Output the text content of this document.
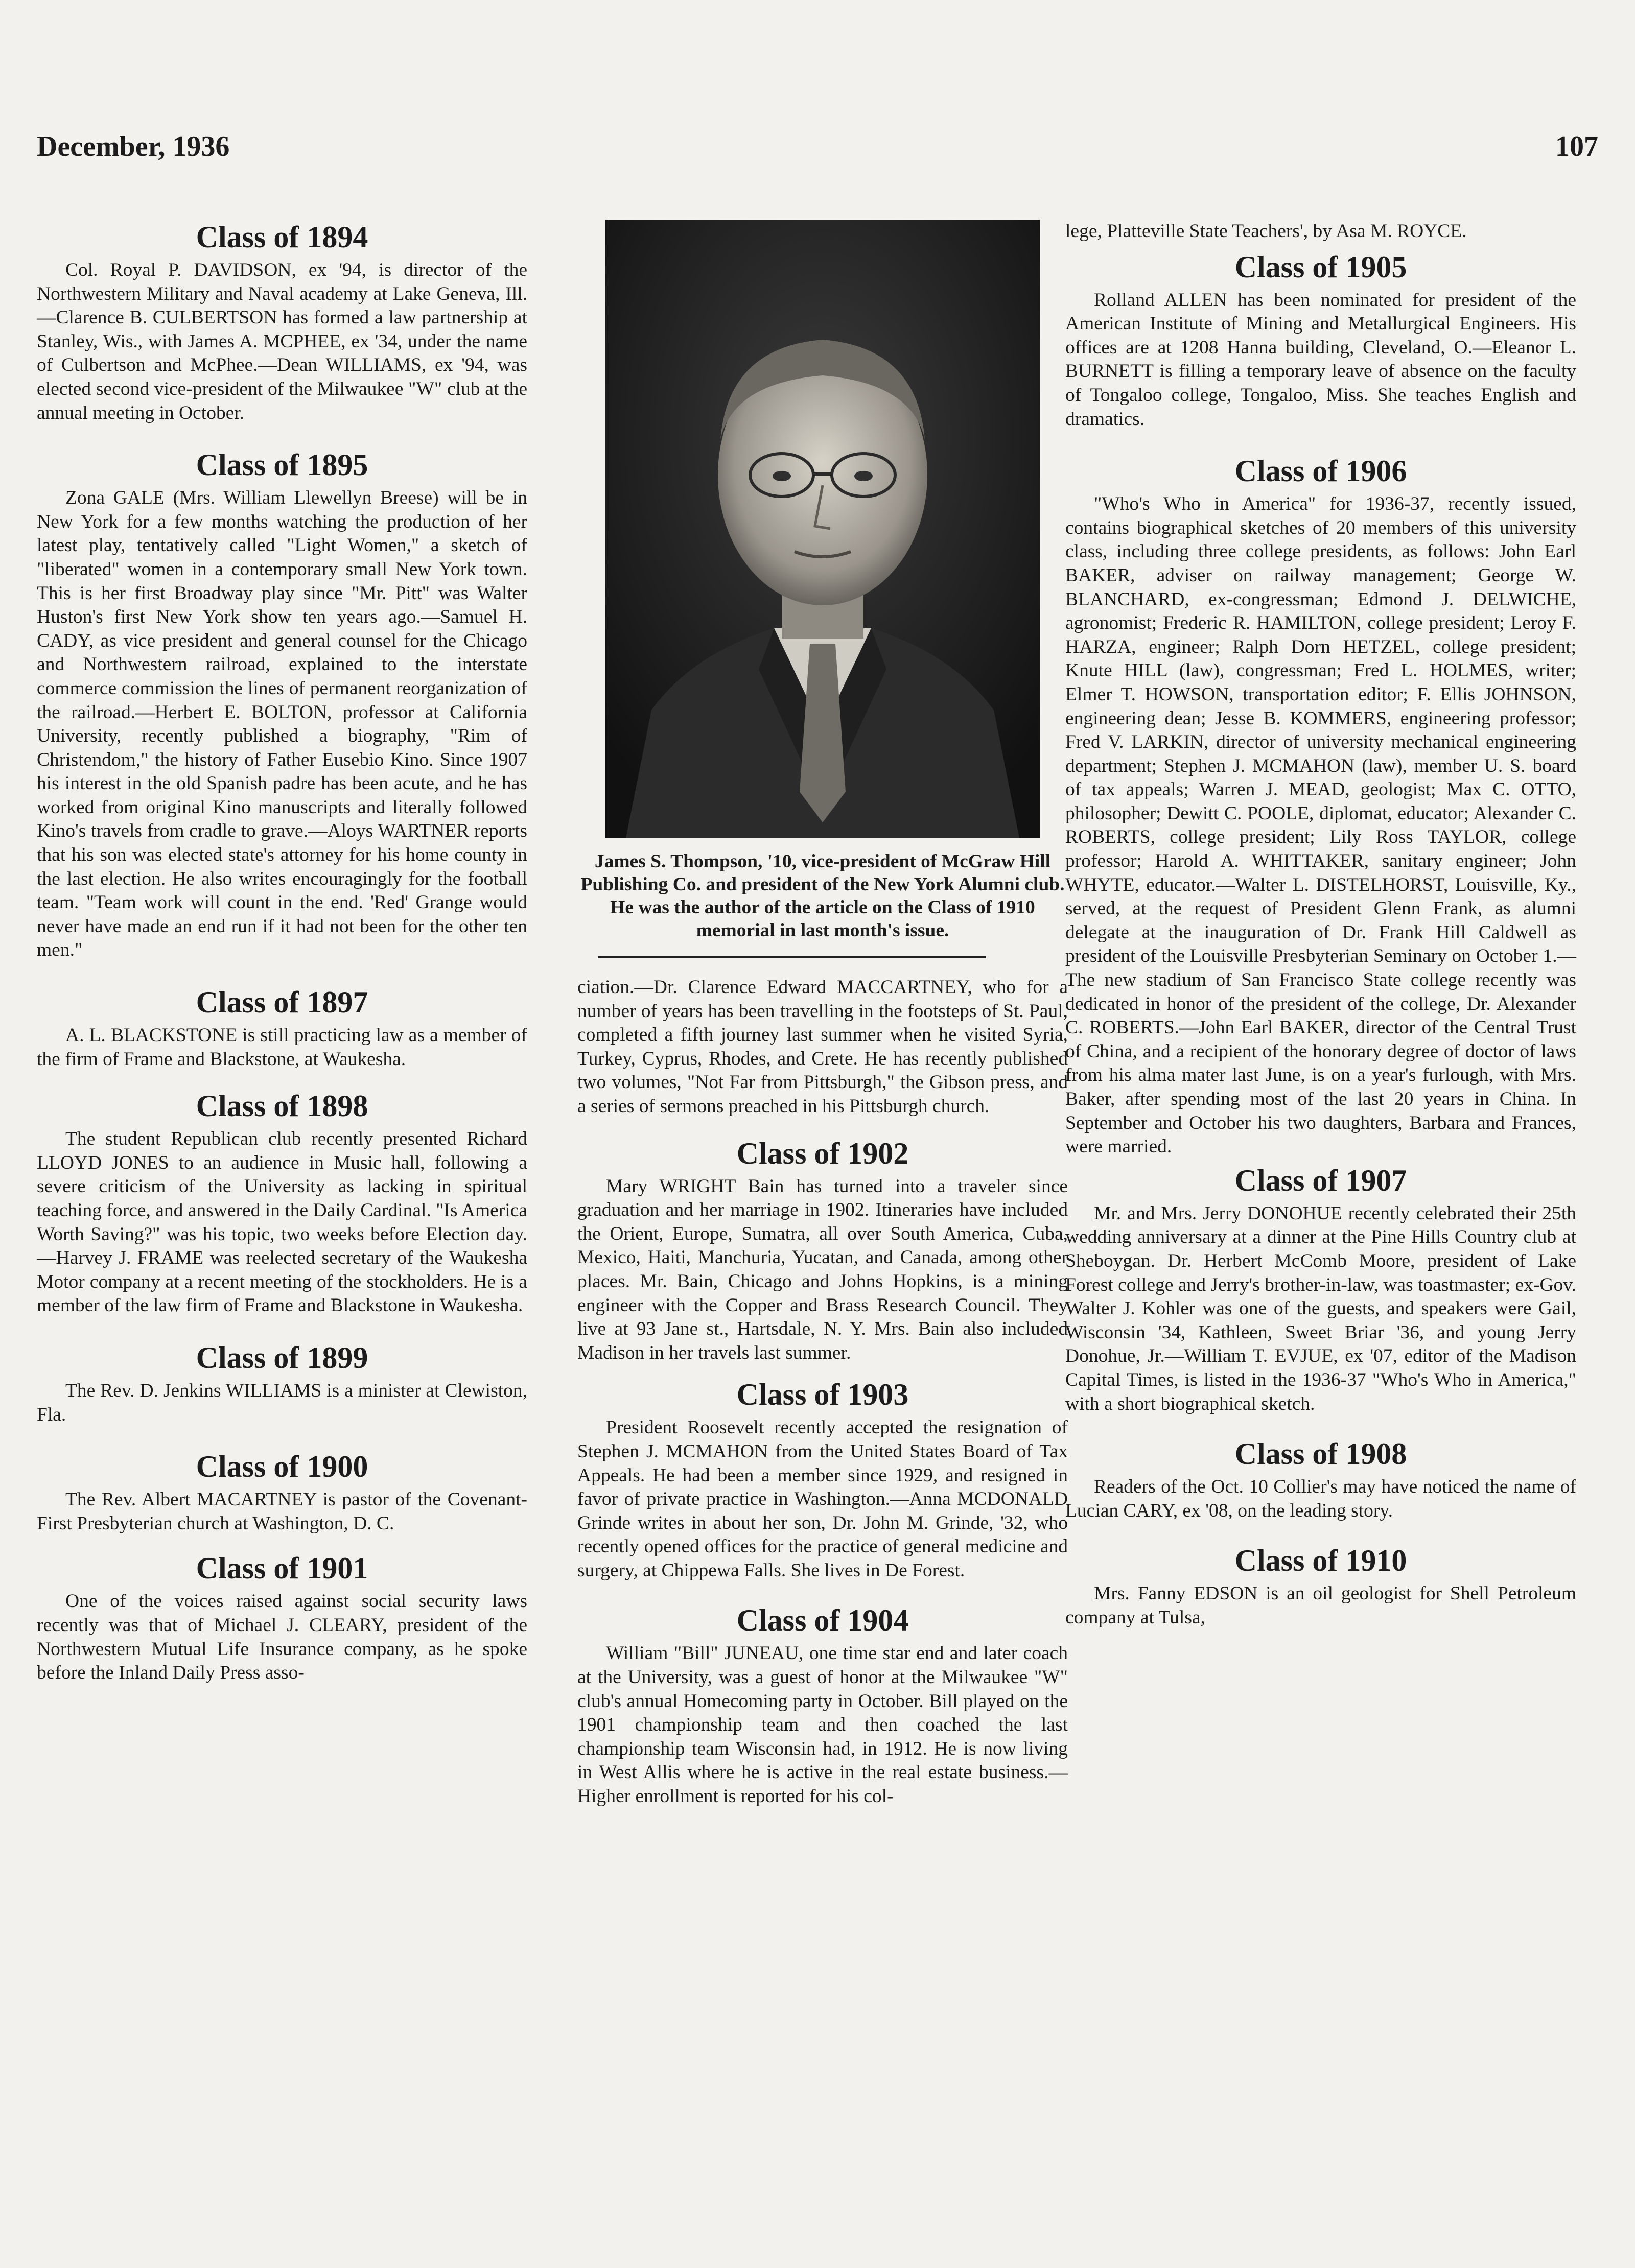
December, 1936	107
Class of 1894

Col. Royal P. DAVIDSON, ex '94, is director of the Northwestern Military and Naval academy at Lake Geneva, Ill.—Clarence B. CULBERTSON has formed a law partnership at Stanley, Wis., with James A. MCPHEE, ex '34, under the name of Culbertson and McPhee.—Dean WILLIAMS, ex '94, was elected second vice-president of the Milwaukee "W" club at the annual meeting in October.

Class of 1895

Zona GALE (Mrs. William Llewellyn Breese) will be in New York for a few months watching the production of her latest play, tentatively called "Light Women," a sketch of "liberated" women in a contemporary small New York town. This is her first Broadway play since "Mr. Pitt" was Walter Huston's first New York show ten years ago.—Samuel H. CADY, as vice president and general counsel for the Chicago and Northwestern railroad, explained to the interstate commerce commission the lines of permanent reorganization of the railroad.—Herbert E. BOLTON, professor at California University, recently published a biography, "Rim of Christendom," the history of Father Eusebio Kino. Since 1907 his interest in the old Spanish padre has been acute, and he has worked from original Kino manuscripts and literally followed Kino's travels from cradle to grave.—Aloys WARTNER reports that his son was elected state's attorney for his home county in the last election. He also writes encouragingly for the football team. "Team work will count in the end. 'Red' Grange would never have made an end run if it had not been for the other ten men."

Class of 1897

A. L. BLACKSTONE is still practicing law as a member of the firm of Frame and Blackstone, at Waukesha.

Class of 1898

The student Republican club recently presented Richard LLOYD JONES to an audience in Music hall, following a severe criticism of the University as lacking in spiritual teaching force, and answered in the Daily Cardinal. "Is America Worth Saving?" was his topic, two weeks before Election day.—Harvey J. FRAME was reelected secretary of the Waukesha Motor company at a recent meeting of the stockholders. He is a member of the law firm of Frame and Blackstone in Waukesha.

Class of 1899

The Rev. D. Jenkins WILLIAMS is a minister at Clewiston, Fla.

Class of 1900

The Rev. Albert MACARTNEY is pastor of the Covenant-First Presbyterian church at Washington, D. C.

Class of 1901

One of the voices raised against social security laws recently was that of Michael J. CLEARY, president of the Northwestern Mutual Life Insurance company, as he spoke before the Inland Daily Press asso-

James S. Thompson, '10, vice-president of McGraw Hill Publishing Co. and president of the New York Alumni club. He was the author of the article on the Class of 1910 memorial in last month's issue.

ciation.—Dr. Clarence Edward MACCARTNEY, who for a number of years has been travelling in the footsteps of St. Paul, completed a fifth journey last summer when he visited Syria, Turkey, Cyprus, Rhodes, and Crete. He has recently published two volumes, "Not Far from Pittsburgh," the Gibson press, and a series of sermons preached in his Pittsburgh church.

Class of 1902

Mary WRIGHT Bain has turned into a traveler since graduation and her marriage in 1902. Itineraries have included the Orient, Europe, Sumatra, all over South America, Cuba, Mexico, Haiti, Manchuria, Yucatan, and Canada, among other places. Mr. Bain, Chicago and Johns Hopkins, is a mining engineer with the Copper and Brass Research Council. They live at 93 Jane st., Hartsdale, N. Y. Mrs. Bain also included Madison in her travels last summer.

Class of 1903

President Roosevelt recently accepted the resignation of Stephen J. MCMAHON from the United States Board of Tax Appeals. He had been a member since 1929, and resigned in favor of private practice in Washington.—Anna MCDONALD Grinde writes in about her son, Dr. John M. Grinde, '32, who recently opened offices for the practice of general medicine and surgery, at Chippewa Falls. She lives in De Forest.

Class of 1904

William "Bill" JUNEAU, one time star end and later coach at the University, was a guest of honor at the Milwaukee "W" club's annual Homecoming party in October. Bill played on the 1901 championship team and then coached the last championship team Wisconsin had, in 1912. He is now living in West Allis where he is active in the real estate business.—Higher enrollment is reported for his col-

lege, Platteville State Teachers', by Asa M. ROYCE.

Class of 1905

Rolland ALLEN has been nominated for president of the American Institute of Mining and Metallurgical Engineers. His offices are at 1208 Hanna building, Cleveland, O.—Eleanor L. BURNETT is filling a temporary leave of absence on the faculty of Tongaloo college, Tongaloo, Miss. She teaches English and dramatics.

Class of 1906

"Who's Who in America" for 1936-37, recently issued, contains biographical sketches of 20 members of this university class, including three college presidents, as follows: John Earl BAKER, adviser on railway management; George W. BLANCHARD, ex-congressman; Edmond J. DELWICHE, agronomist; Frederic R. HAMILTON, college president; Leroy F. HARZA, engineer; Ralph Dorn HETZEL, college president; Knute HILL (law), congressman; Fred L. HOLMES, writer; Elmer T. HOWSON, transportation editor; F. Ellis JOHNSON, engineering dean; Jesse B. KOMMERS, engineering professor; Fred V. LARKIN, director of university mechanical engineering department; Stephen J. MCMAHON (law), member U. S. board of tax appeals; Warren J. MEAD, geologist; Max C. OTTO, philosopher; Dewitt C. POOLE, diplomat, educator; Alexander C. ROBERTS, college president; Lily Ross TAYLOR, college professor; Harold A. WHITTAKER, sanitary engineer; John WHYTE, educator.—Walter L. DISTELHORST, Louisville, Ky., served, at the request of President Glenn Frank, as alumni delegate at the inauguration of Dr. Frank Hill Caldwell as president of the Louisville Presbyterian Seminary on October 1.—The new stadium of San Francisco State college recently was dedicated in honor of the president of the college, Dr. Alexander C. ROBERTS.—John Earl BAKER, director of the Central Trust of China, and a recipient of the honorary degree of doctor of laws from his alma mater last June, is on a year's furlough, with Mrs. Baker, after spending most of the last 20 years in China. In September and October his two daughters, Barbara and Frances, were married.

Class of 1907

Mr. and Mrs. Jerry DONOHUE recently celebrated their 25th wedding anniversary at a dinner at the Pine Hills Country club at Sheboygan. Dr. Herbert McComb Moore, president of Lake Forest college and Jerry's brother-in-law, was toastmaster; ex-Gov. Walter J. Kohler was one of the guests, and speakers were Gail, Wisconsin '34, Kathleen, Sweet Briar '36, and young Jerry Donohue, Jr.—William T. EVJUE, ex '07, editor of the Madison Capital Times, is listed in the 1936-37 "Who's Who in America," with a short biographical sketch.

Class of 1908

Readers of the Oct. 10 Collier's may have noticed the name of Lucian CARY, ex '08, on the leading story.

Class of 1910

Mrs. Fanny EDSON is an oil geologist for Shell Petroleum company at Tulsa,
